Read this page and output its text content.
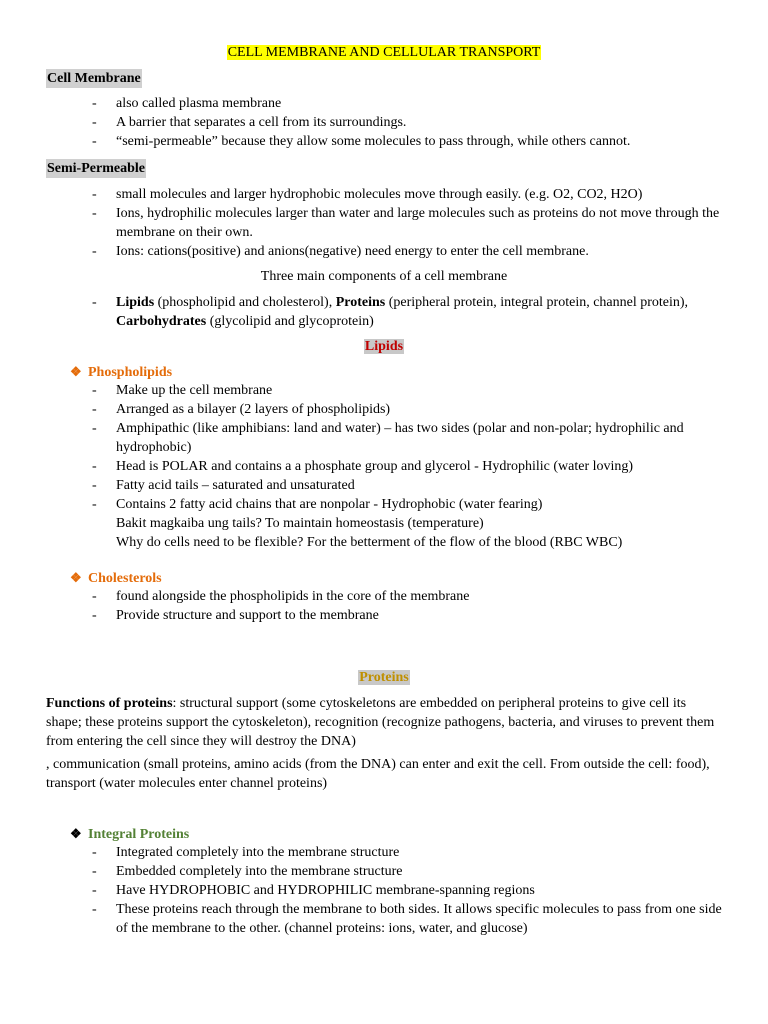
CELL MEMBRANE AND CELLULAR TRANSPORT
Cell Membrane
- also called plasma membrane
- A barrier that separates a cell from its surroundings.
- “semi-permeable” because they allow some molecules to pass through, while others cannot.
Semi-Permeable
- small molecules and larger hydrophobic molecules move through easily. (e.g. O2, CO2, H2O)
- Ions, hydrophilic molecules larger than water and large molecules such as proteins do not move through the membrane on their own.
- Ions: cations(positive) and anions(negative) need energy to enter the cell membrane.
Three main components of a cell membrane
- Lipids (phospholipid and cholesterol), Proteins (peripheral protein, integral protein, channel protein), Carbohydrates (glycolipid and glycoprotein)
Lipids
❖ Phospholipids
- Make up the cell membrane
- Arranged as a bilayer (2 layers of phospholipids)
- Amphipathic (like amphibians: land and water) – has two sides (polar and non-polar; hydrophilic and hydrophobic)
- Head is POLAR and contains a a phosphate group and glycerol - Hydrophilic (water loving)
- Fatty acid tails – saturated and unsaturated
- Contains 2 fatty acid chains that are nonpolar - Hydrophobic (water fearing)
Bakit magkaiba ung tails? To maintain homeostasis (temperature)
Why do cells need to be flexible? For the betterment of the flow of the blood (RBC WBC)
❖ Cholesterols
- found alongside the phospholipids in the core of the membrane
- Provide structure and support to the membrane
Proteins
Functions of proteins: structural support (some cytoskeletons are embedded on peripheral proteins to give cell its shape; these proteins support the cytoskeleton), recognition (recognize pathogens, bacteria, and viruses to prevent them from entering the cell since they will destroy the DNA)
, communication (small proteins, amino acids (from the DNA) can enter and exit the cell. From outside the cell: food), transport (water molecules enter channel proteins)
❖ Integral Proteins
- Integrated completely into the membrane structure
- Embedded completely into the membrane structure
- Have HYDROPHOBIC and HYDROPHILIC membrane-spanning regions
- These proteins reach through the membrane to both sides. It allows specific molecules to pass from one side of the membrane to the other. (channel proteins: ions, water, and glucose)
